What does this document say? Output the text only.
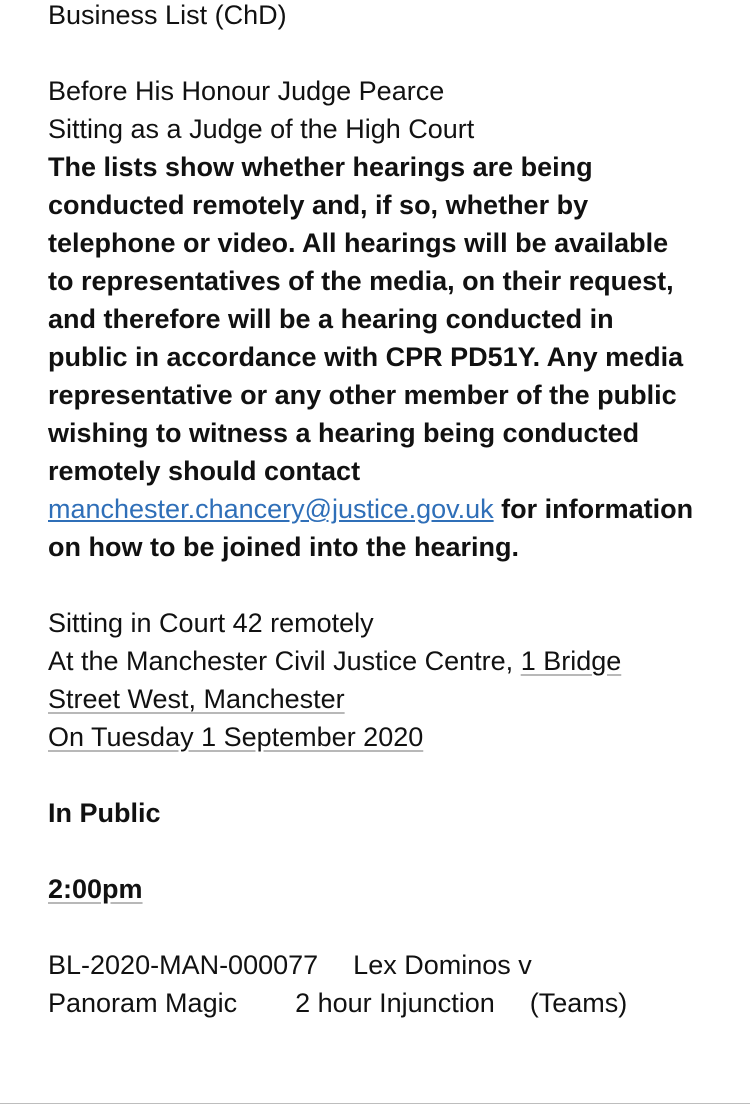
Business List (ChD)
Before His Honour Judge Pearce
Sitting as a Judge of the High Court

The lists show whether hearings are being conducted remotely and, if so, whether by telephone or video. All hearings will be available to representatives of the media, on their request, and therefore will be a hearing conducted in public in accordance with CPR PD51Y. Any media representative or any other member of the public wishing to witness a hearing being conducted remotely should contact manchester.chancery@justice.gov.uk for information on how to be joined into the hearing.

Sitting in Court 42 remotely
At the Manchester Civil Justice Centre, 1 Bridge
Street West, Manchester
On Tuesday 1 September 2020
In Public
2:00pm
BL-2020-MAN-000077 Lex Dominos v
Panoram Magic 2 hour Injunction (Teams)
